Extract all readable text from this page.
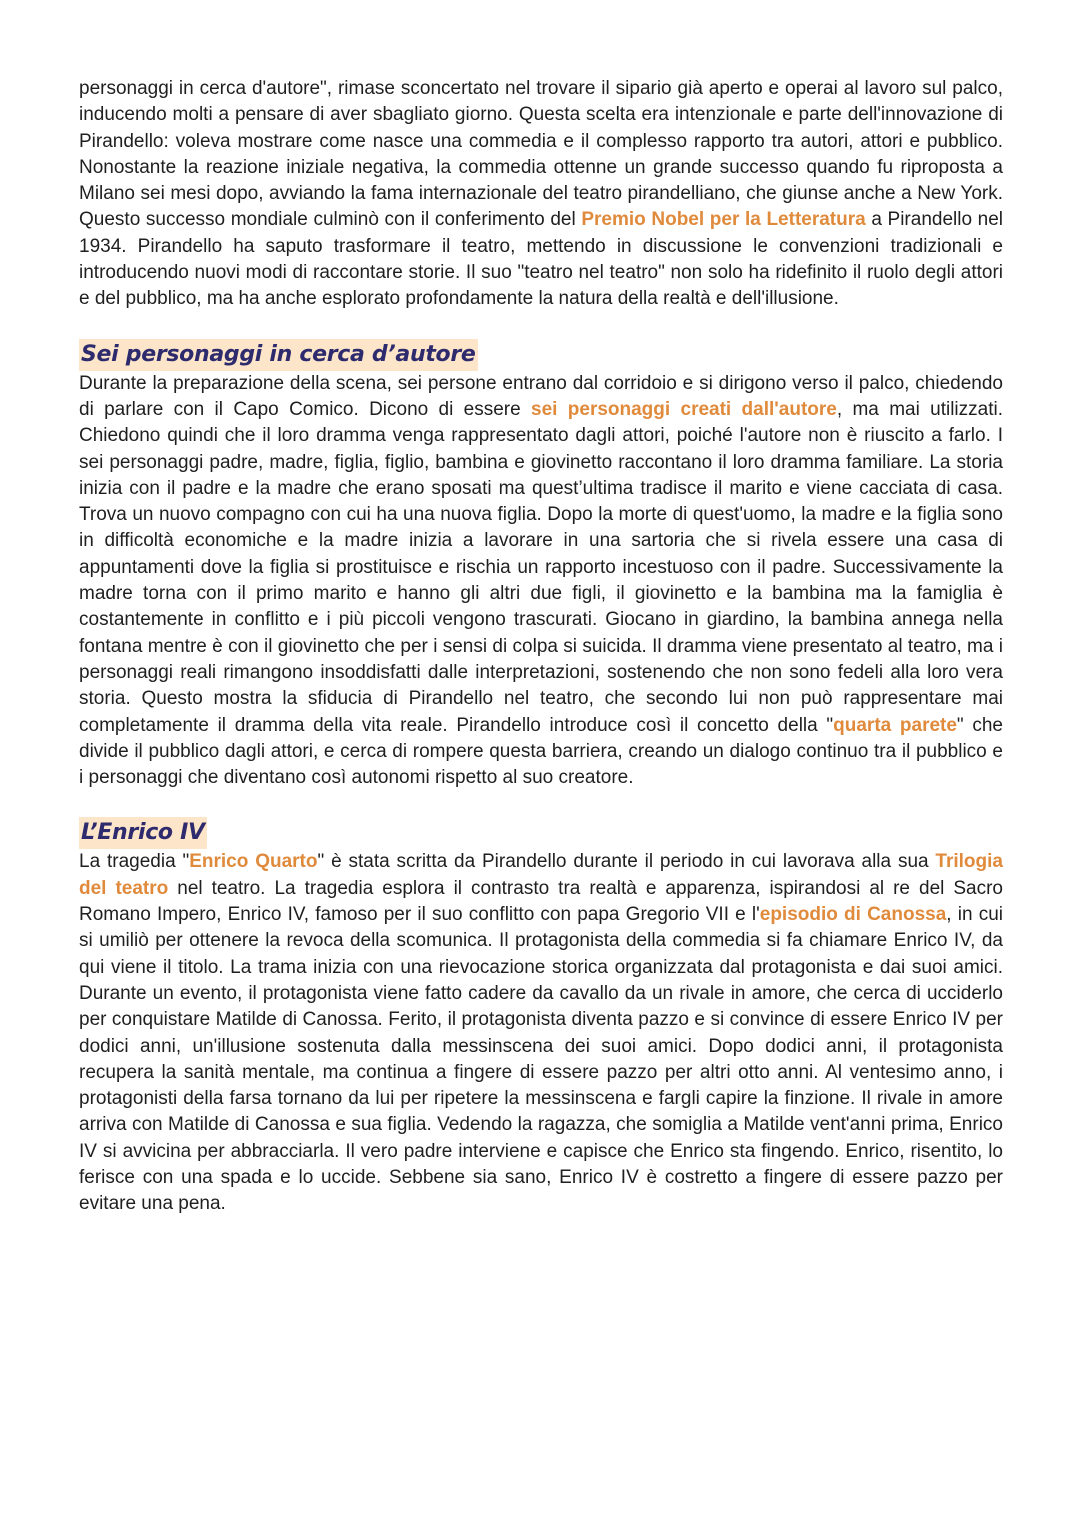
personaggi in cerca d'autore", rimase sconcertato nel trovare il sipario già aperto e operai al lavoro sul palco, inducendo molti a pensare di aver sbagliato giorno. Questa scelta era intenzionale e parte dell'innovazione di Pirandello: voleva mostrare come nasce una commedia e il complesso rapporto tra autori, attori e pubblico. Nonostante la reazione iniziale negativa, la commedia ottenne un grande successo quando fu riproposta a Milano sei mesi dopo, avviando la fama internazionale del teatro pirandelliano, che giunse anche a New York. Questo successo mondiale culminò con il conferimento del Premio Nobel per la Letteratura a Pirandello nel 1934. Pirandello ha saputo trasformare il teatro, mettendo in discussione le convenzioni tradizionali e introducendo nuovi modi di raccontare storie. Il suo "teatro nel teatro" non solo ha ridefinito il ruolo degli attori e del pubblico, ma ha anche esplorato profondamente la natura della realtà e dell'illusione.

Sei personaggi in cerca d’autore

Durante la preparazione della scena, sei persone entrano dal corridoio e si dirigono verso il palco, chiedendo di parlare con il Capo Comico. Dicono di essere sei personaggi creati dall'autore, ma mai utilizzati. Chiedono quindi che il loro dramma venga rappresentato dagli attori, poiché l'autore non è riuscito a farlo. I sei personaggi padre, madre, figlia, figlio, bambina e giovinetto raccontano il loro dramma familiare. La storia inizia con il padre e la madre che erano sposati ma quest’ultima tradisce il marito e viene cacciata di casa. Trova un nuovo compagno con cui ha una nuova figlia. Dopo la morte di quest'uomo, la madre e la figlia sono in difficoltà economiche e la madre inizia a lavorare in una sartoria che si rivela essere una casa di appuntamenti dove la figlia si prostituisce e rischia un rapporto incestuoso con il padre. Successivamente la madre torna con il primo marito e hanno gli altri due figli, il giovinetto e la bambina ma la famiglia è costantemente in conflitto e i più piccoli vengono trascurati. Giocano in giardino, la bambina annega nella fontana mentre è con il giovinetto che per i sensi di colpa si suicida. Il dramma viene presentato al teatro, ma i personaggi reali rimangono insoddisfatti dalle interpretazioni, sostenendo che non sono fedeli alla loro vera storia. Questo mostra la sfiducia di Pirandello nel teatro, che secondo lui non può rappresentare mai completamente il dramma della vita reale. Pirandello introduce così il concetto della "quarta parete" che divide il pubblico dagli attori, e cerca di rompere questa barriera, creando un dialogo continuo tra il pubblico e i personaggi che diventano così autonomi rispetto al suo creatore.

L’Enrico IV

La tragedia "Enrico Quarto" è stata scritta da Pirandello durante il periodo in cui lavorava alla sua Trilogia del teatro nel teatro. La tragedia esplora il contrasto tra realtà e apparenza, ispirandosi al re del Sacro Romano Impero, Enrico IV, famoso per il suo conflitto con papa Gregorio VII e l'episodio di Canossa, in cui si umiliò per ottenere la revoca della scomunica. Il protagonista della commedia si fa chiamare Enrico IV, da qui viene il titolo. La trama inizia con una rievocazione storica organizzata dal protagonista e dai suoi amici. Durante un evento, il protagonista viene fatto cadere da cavallo da un rivale in amore, che cerca di ucciderlo per conquistare Matilde di Canossa. Ferito, il protagonista diventa pazzo e si convince di essere Enrico IV per dodici anni, un'illusione sostenuta dalla messinscena dei suoi amici. Dopo dodici anni, il protagonista recupera la sanità mentale, ma continua a fingere di essere pazzo per altri otto anni. Al ventesimo anno, i protagonisti della farsa tornano da lui per ripetere la messinscena e fargli capire la finzione. Il rivale in amore arriva con Matilde di Canossa e sua figlia. Vedendo la ragazza, che somiglia a Matilde vent'anni prima, Enrico IV si avvicina per abbracciarla. Il vero padre interviene e capisce che Enrico sta fingendo. Enrico, risentito, lo ferisce con una spada e lo uccide. Sebbene sia sano, Enrico IV è costretto a fingere di essere pazzo per evitare una pena.
